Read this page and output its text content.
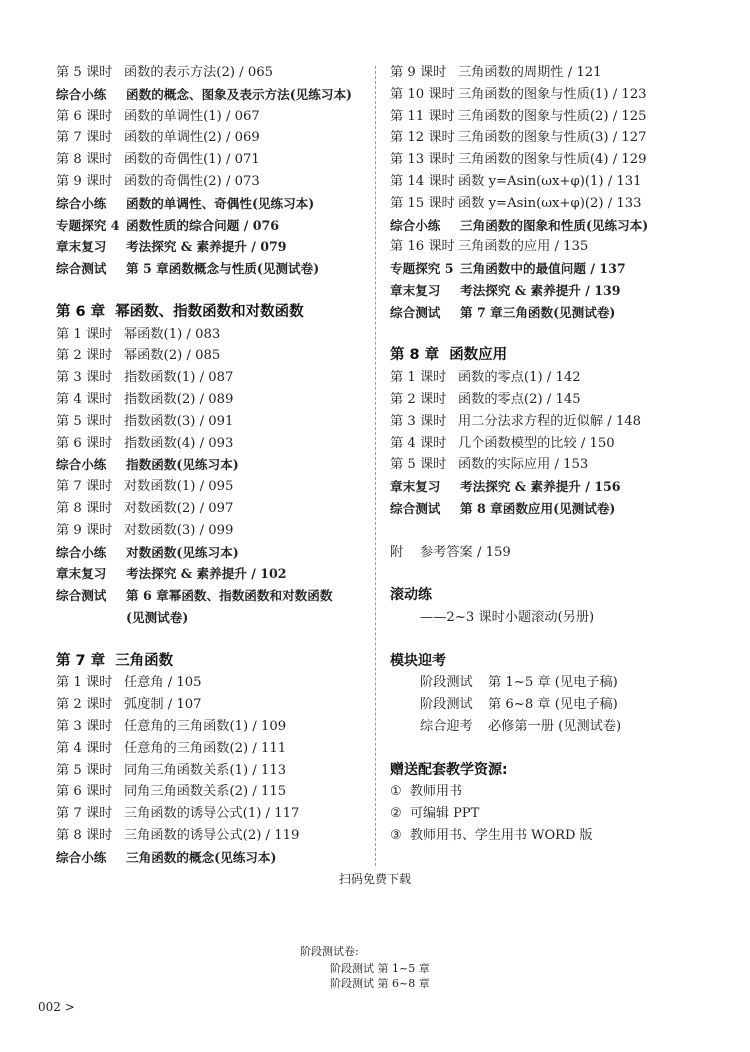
第 5 课时 函数的表示方法(2) / 065
综合小练 函数的概念、图象及表示方法(见练习本)
第 6 课时 函数的单调性(1) / 067
第 7 课时 函数的单调性(2) / 069
第 8 课时 函数的奇偶性(1) / 071
第 9 课时 函数的奇偶性(2) / 073
综合小练 函数的单调性、奇偶性(见练习本)
专题探究 4 函数性质的综合问题 / 076
章末复习 考法探究 & 素养提升 / 079
综合测试 第 5 章函数概念与性质(见测试卷)
第 6 章 幂函数、指数函数和对数函数
第 1 课时 幂函数(1) / 083
第 2 课时 幂函数(2) / 085
第 3 课时 指数函数(1) / 087
第 4 课时 指数函数(2) / 089
第 5 课时 指数函数(3) / 091
第 6 课时 指数函数(4) / 093
综合小练 指数函数(见练习本)
第 7 课时 对数函数(1) / 095
第 8 课时 对数函数(2) / 097
第 9 课时 对数函数(3) / 099
综合小练 对数函数(见练习本)
章末复习 考法探究 & 素养提升 / 102
综合测试 第 6 章幂函数、指数函数和对数函数
(见测试卷)
第 7 章 三角函数
第 1 课时 任意角 / 105
第 2 课时 弧度制 / 107
第 3 课时 任意角的三角函数(1) / 109
第 4 课时 任意角的三角函数(2) / 111
第 5 课时 同角三角函数关系(1) / 113
第 6 课时 同角三角函数关系(2) / 115
第 7 课时 三角函数的诱导公式(1) / 117
第 8 课时 三角函数的诱导公式(2) / 119
综合小练 三角函数的概念(见练习本)
第 9 课时 三角函数的周期性 / 121
第 10 课时 三角函数的图象与性质(1) / 123
第 11 课时 三角函数的图象与性质(2) / 125
第 12 课时 三角函数的图象与性质(3) / 127
第 13 课时 三角函数的图象与性质(4) / 129
第 14 课时 函数 y=Asin(ωx+φ)(1) / 131
第 15 课时 函数 y=Asin(ωx+φ)(2) / 133
综合小练 三角函数的图象和性质(见练习本)
第 16 课时 三角函数的应用 / 135
专题探究 5 三角函数中的最值问题 / 137
章末复习 考法探究 & 素养提升 / 139
综合测试 第 7 章三角函数(见测试卷)
第 8 章 函数应用
第 1 课时 函数的零点(1) / 142
第 2 课时 函数的零点(2) / 145
第 3 课时 用二分法求方程的近似解 / 148
第 4 课时 几个函数模型的比较 / 150
第 5 课时 函数的实际应用 / 153
章末复习 考法探究 & 素养提升 / 156
综合测试 第 8 章函数应用(见测试卷)
附 参考答案 / 159
滚动练
——2~3 课时小题滚动(另册)
模块迎考
阶段测试 第 1~5 章 (见电子稿)
阶段测试 第 6~8 章 (见电子稿)
综合迎考 必修第一册 (见测试卷)
赠送配套教学资源:
① 教师用书
② 可编辑 PPT
③ 教师用书、学生用书 WORD 版
扫码免费下载
阶段测试卷:
阶段测试 第 1~5 章
阶段测试 第 6~8 章
002 >
